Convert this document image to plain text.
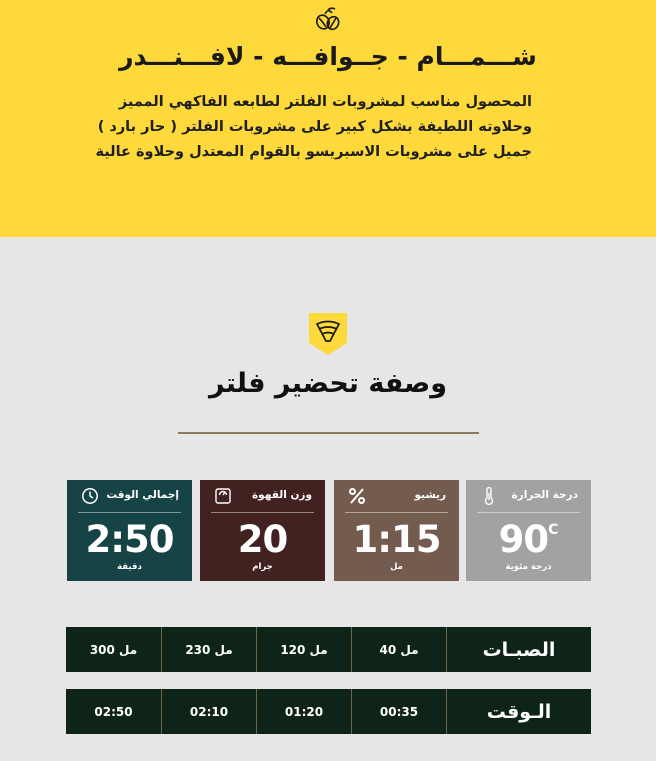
شـــمـــام - جــوافـــه - لافـــنـــدر
المحصول مناسب لمشروبات الفلتر لطابعه الفاكهي المميز
وحلاوته اللطيفة بشكل كبير على مشروبات الفلتر ( حار بارد )
جميل على مشروبات الاسبريسو بالقوام المعتدل وحلاوة عالية
وصفة تحضير فلتر
درجة الحرارة
$90^C$
درجة مئوية
ريشيو
1:15
مل
وزن القهوة
20
جرام
إجمالي الوقت
2:50
دقيقة
300 مل	230 مل	120 مل	40 مل	الصبـات
02:50	02:10	01:20	00:35	الـوقت
